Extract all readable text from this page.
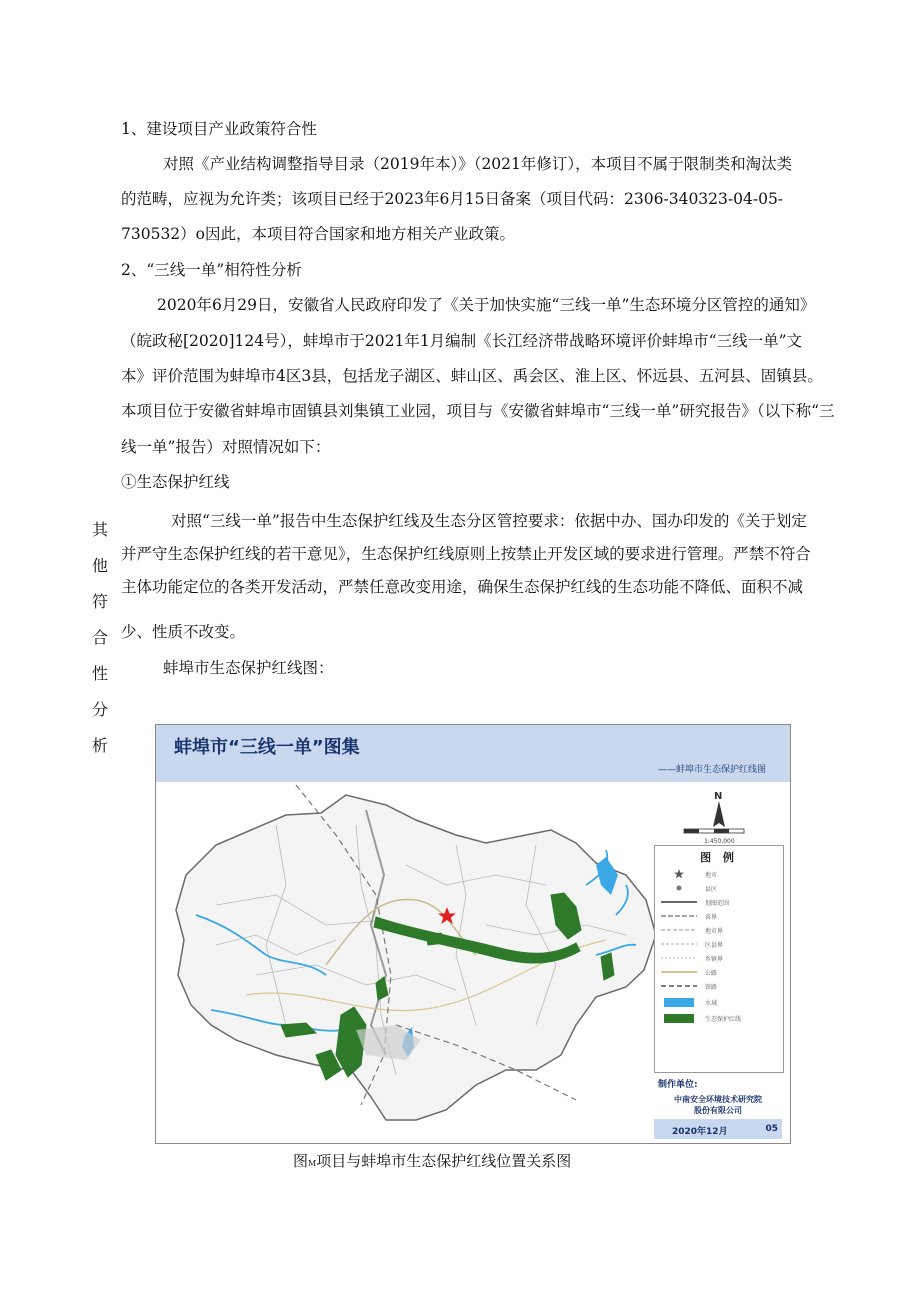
1、建设项目产业政策符合性
对照《产业结构调整指导目录（2019年本）》（2021年修订），本项目不属于限制类和淘汰类
的范畴，应视为允许类；该项目已经于2023年6月15日备案（项目代码：2306-340323-04-05-
730532）o因此，本项目符合国家和地方相关产业政策。
2、“三线一单”相符性分析
2020年6月29日，安徽省人民政府印发了《关于加快实施“三线一单”生态环境分区管控的通知》
（皖政秘[2020]124号），蚌埠市于2021年1月编制《长江经济带战略环境评价蚌埠市“三线一单”文
本》评价范围为蚌埠市4区3县，包括龙子湖区、蚌山区、禹会区、淮上区、怀远县、五河县、固镇县。
本项目位于安徽省蚌埠市固镇县刘集镇工业园，项目与《安徽省蚌埠市“三线一单”研究报告》（以下称“三
线一单”报告）对照情况如下：
①生态保护红线
对照“三线一单”报告中生态保护红线及生态分区管控要求：依据中办、国办印发的《关于划定
并严守生态保护红线的若干意见》，生态保护红线原则上按禁止开发区域的要求进行管理。严禁不符合
主体功能定位的各类开发活动，严禁任意改变用途，确保生态保护红线的生态功能不降低、面积不减
少、性质不改变。
蚌埠市生态保护红线图：
其
他
符
合
性
分
析	蚌埠市“三线一单”图集
——蚌埠市生态保护红线图
N
1:450,000
图 例
地市
县区
划图范围
省界
地市界
区县界
乡镇界
公路
铁路
水域
生态保护红线
制作单位:
中南安全环境技术研究院
股份有限公司
2020年12月	05
图M项目与蚌埠市生态保护红线位置关系图
